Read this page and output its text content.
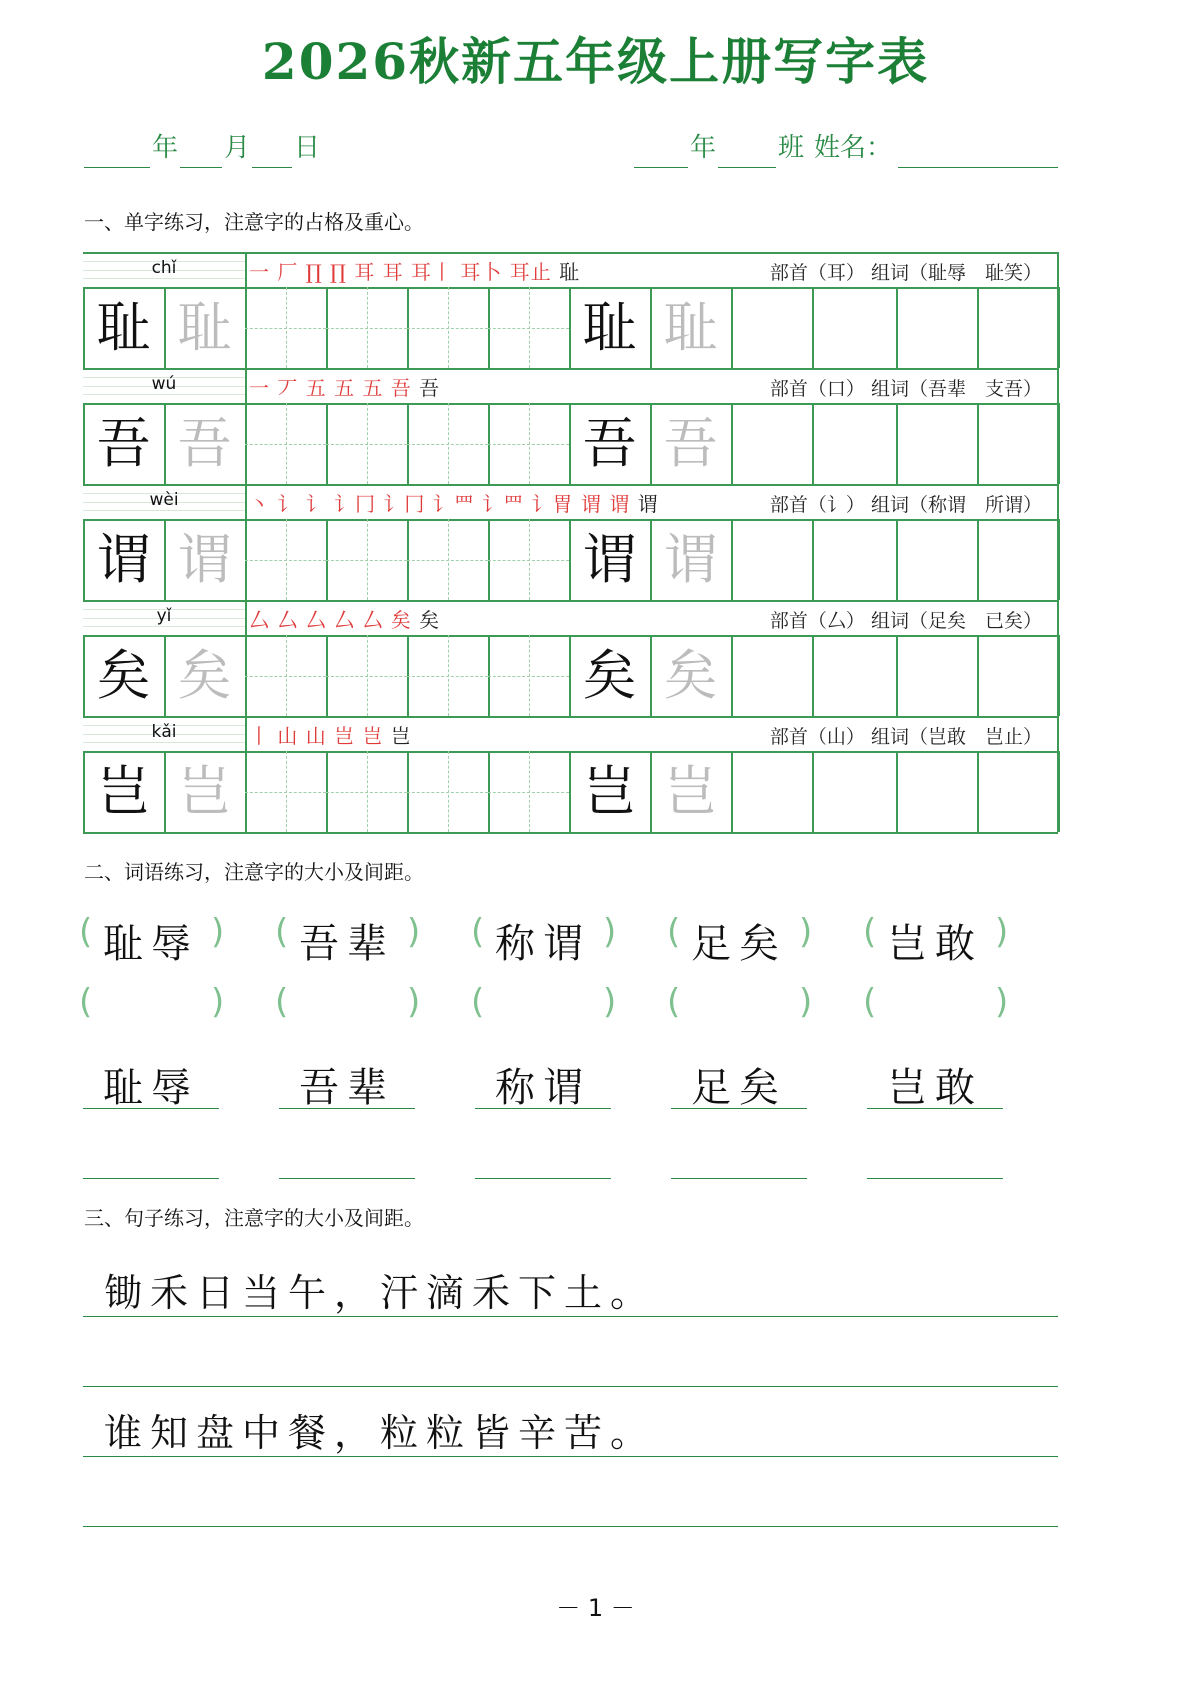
2026秋新五年级上册写字表
年 月 日	年 班 姓名：
一、单字练习，注意字的占格及重心。
chǐ	一 厂 ∏ ∏ 耳 耳 耳丨 耳卜 耳止 耻	部首（耳） 组词（耻辱　耻笑）
耻 耻	耻 耻
wú	一 丆 五 五 五 吾 吾	部首（口） 组词（吾辈　支吾）
吾 吾	吾 吾
wèi	丶 讠 讠 讠冂 讠冂 讠罒 讠罒 讠胃 谓 谓 谓	部首（讠） 组词（称谓　所谓）
谓 谓	谓 谓
yǐ	厶 厶 厶 厶 厶 矣 矣	部首（厶） 组词（足矣　已矣）
矣 矣	矣 矣
kǎi	丨 山 山 岂 岂 岂	部首（山） 组词（岂敢　岂止）
岂 岂	岂 岂
二、词语练习，注意字的大小及间距。
( 耻辱 )
(	)
耻辱
( 吾辈 )
(	)
吾辈
( 称谓 )
(	)
称谓
( 足矣 )
(	)
足矣
( 岂敢 )
(	)
岂敢
三、句子练习，注意字的大小及间距。
锄禾日当午，汗滴禾下土。
谁知盘中餐，粒粒皆辛苦。
－ 1 －
